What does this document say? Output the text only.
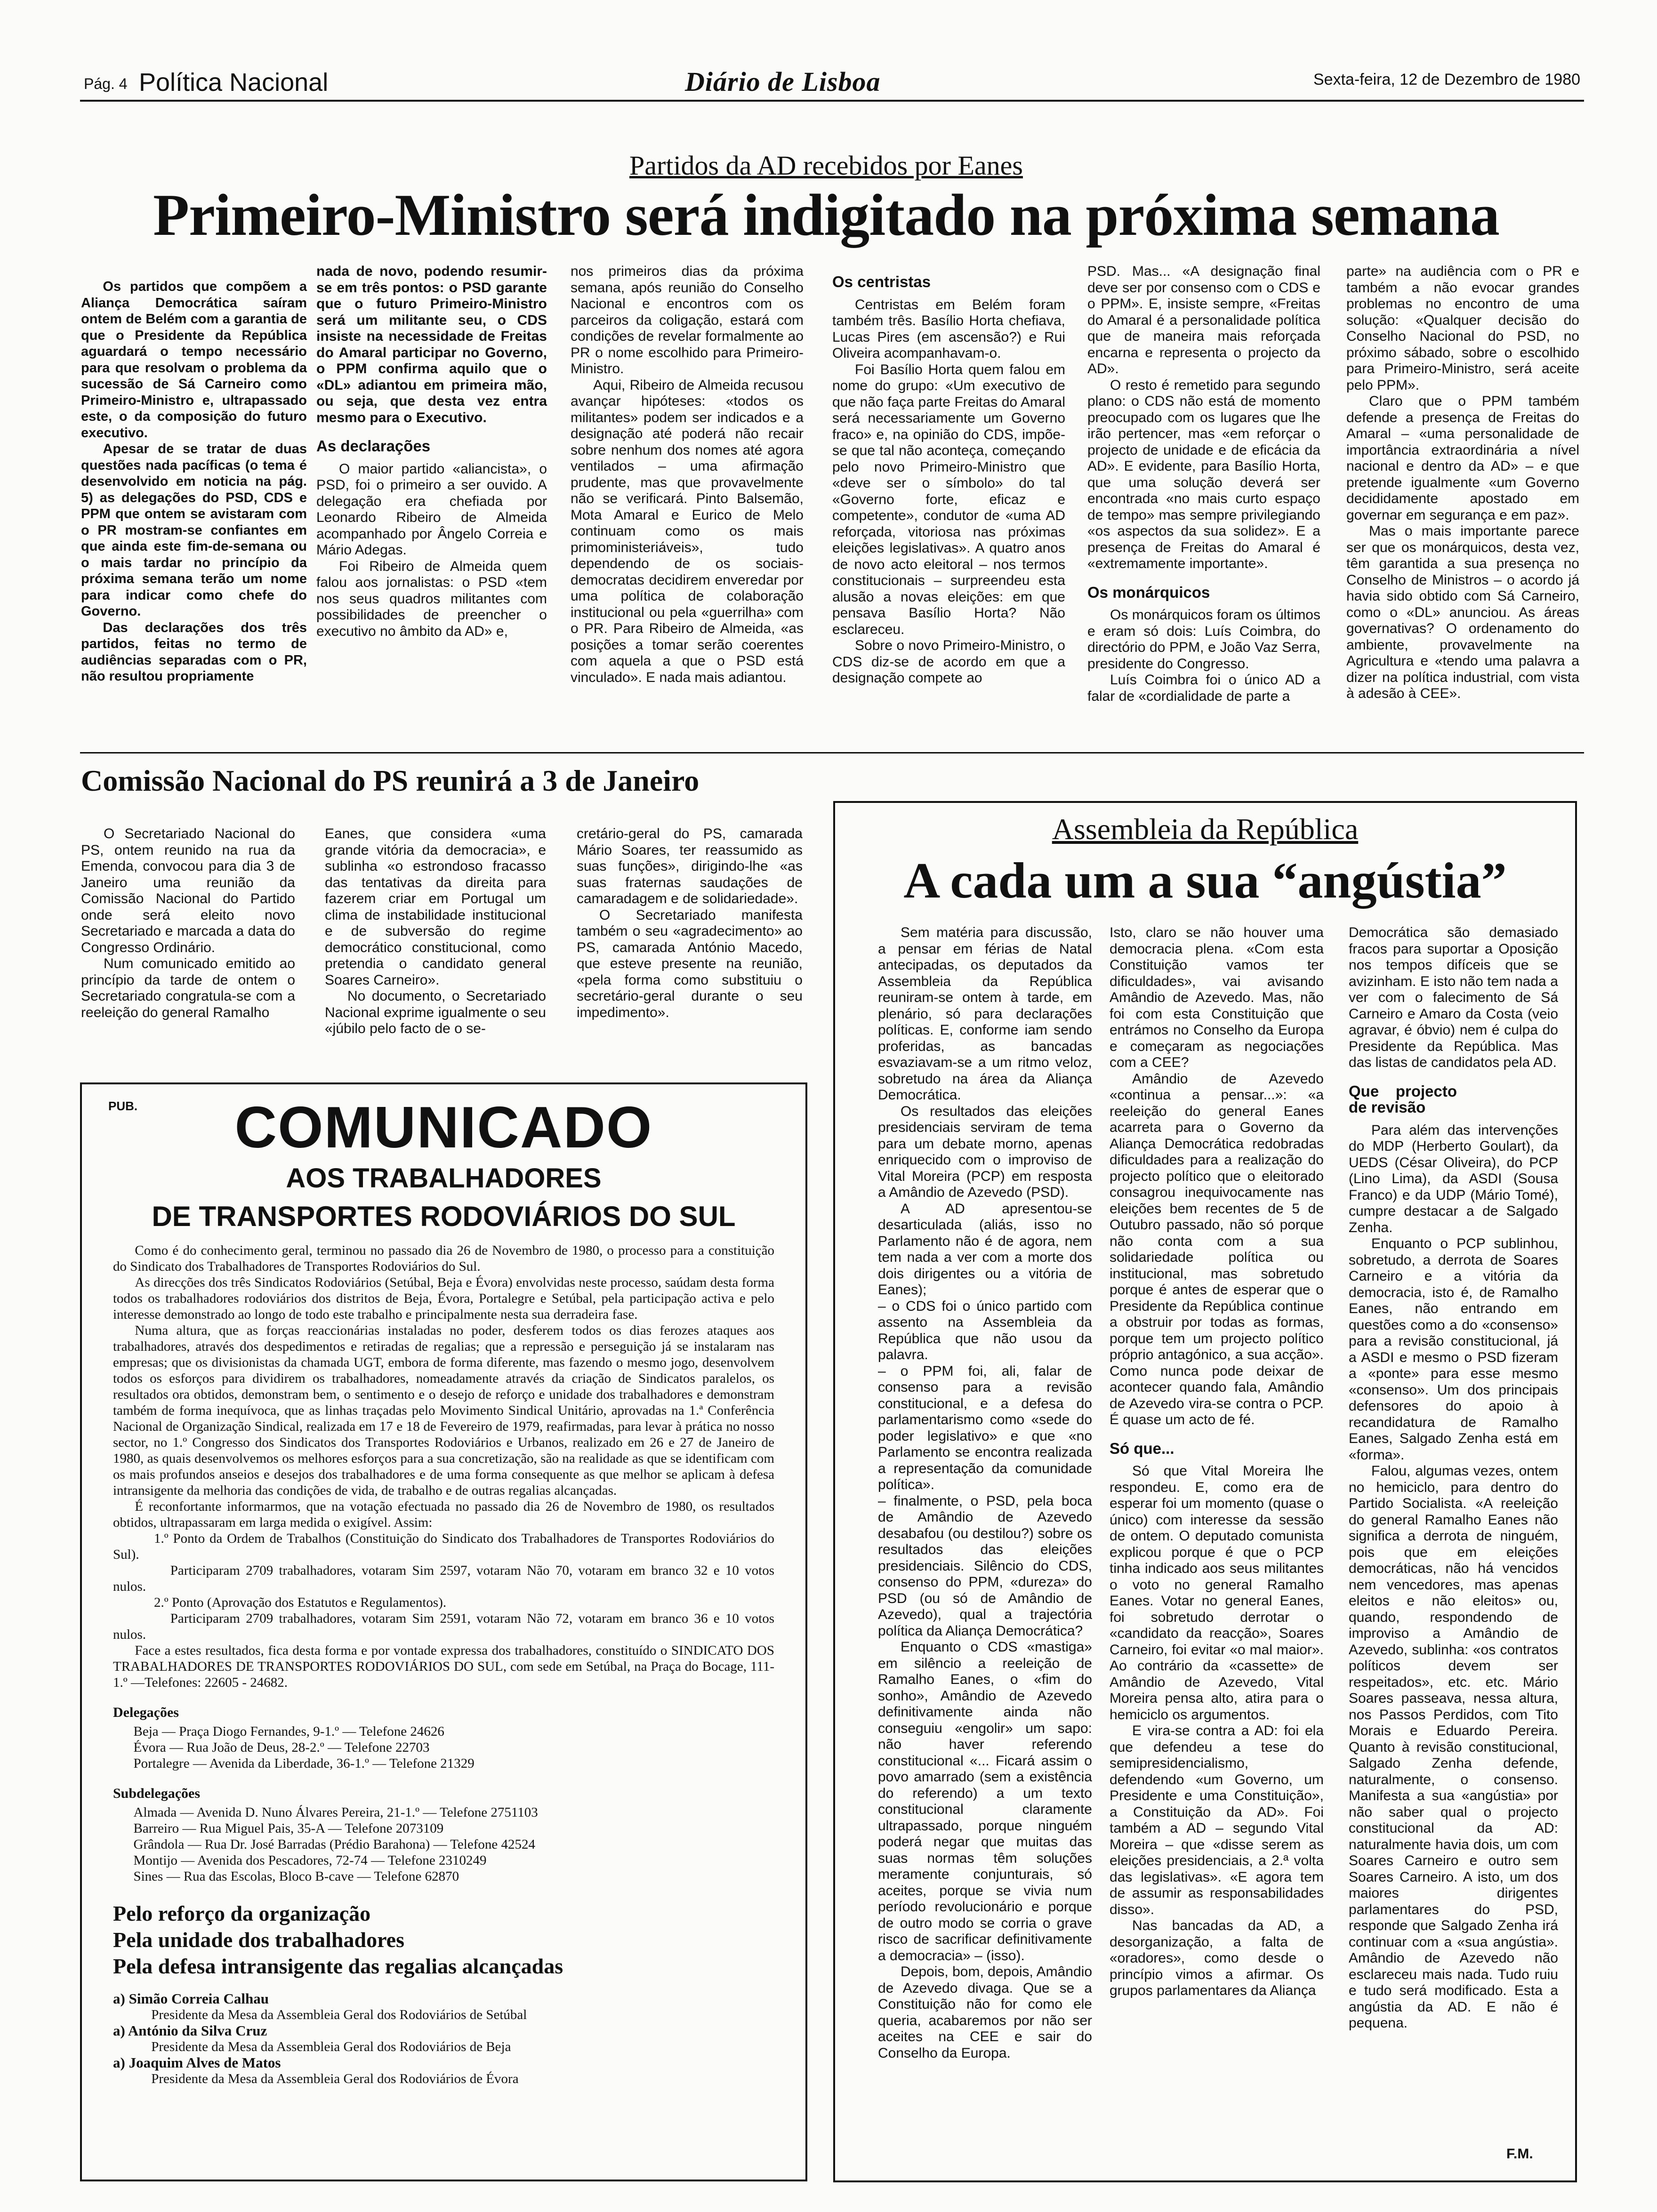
Pág. 4 Política Nacional	Diário de Lisboa	Sexta-feira, 12 de Dezembro de 1980
Partidos da AD recebidos por Eanes
Primeiro-Ministro será indigitado na próxima semana

Os partidos que compõem a Aliança Democrática saíram ontem de Belém com a garantia de que o Presidente da República aguardará o tempo necessário para que resolvam o problema da sucessão de Sá Carneiro como Primeiro-Ministro e, ultrapassado este, o da composição do futuro executivo.

Apesar de se tratar de duas questões nada pacíficas (o tema é desenvolvido em noticia na pág. 5) as delegações do PSD, CDS e PPM que ontem se avistaram com o PR mostram-se confiantes em que ainda este fim-de-semana ou o mais tardar no princípio da próxima semana terão um nome para indicar como chefe do Governo.

Das declarações dos três partidos, feitas no termo de audiências separadas com o PR, não resultou propriamente

nada de novo, podendo resumir-se em três pontos: o PSD garante que o futuro Primeiro-Ministro será um militante seu, o CDS insiste na necessidade de Freitas do Amaral participar no Governo, o PPM confirma aquilo que o «DL» adiantou em primeira mão, ou seja, que desta vez entra mesmo para o Executivo.

As declarações

O maior partido «aliancista», o PSD, foi o primeiro a ser ouvido. A delegação era chefiada por Leonardo Ribeiro de Almeida acompanhado por Ângelo Correia e Mário Adegas.

Foi Ribeiro de Almeida quem falou aos jornalistas: o PSD «tem nos seus quadros militantes com possibilidades de preencher o executivo no âmbito da AD» e,

nos primeiros dias da próxima semana, após reunião do Conselho Nacional e encontros com os parceiros da coligação, estará com condições de revelar formalmente ao PR o nome escolhido para Primeiro-Ministro.

Aqui, Ribeiro de Almeida recusou avançar hipóteses: «todos os militantes» podem ser indicados e a designação até poderá não recair sobre nenhum dos nomes até agora ventilados – uma afirmação prudente, mas que provavelmente não se verificará. Pinto Balsemão, Mota Amaral e Eurico de Melo continuam como os mais primoministeriáveis», tudo dependendo de os sociais-democratas decidirem enveredar por uma política de colaboração institucional ou pela «guerrilha» com o PR. Para Ribeiro de Almeida, «as posições a tomar serão coerentes com aquela a que o PSD está vinculado». E nada mais adiantou.

Os centristas

Centristas em Belém foram também três. Basílio Horta chefiava, Lucas Pires (em ascensão?) e Rui Oliveira acompanhavam-o.

Foi Basílio Horta quem falou em nome do grupo: «Um executivo de que não faça parte Freitas do Amaral será necessariamente um Governo fraco» e, na opinião do CDS, impõe-se que tal não aconteça, começando pelo novo Primeiro-Ministro que «deve ser o símbolo» do tal «Governo forte, eficaz e competente», condutor de «uma AD reforçada, vitoriosa nas próximas eleições legislativas». A quatro anos de novo acto eleitoral – nos termos constitucionais – surpreendeu esta alusão a novas eleições: em que pensava Basílio Horta? Não esclareceu.

Sobre o novo Primeiro-Ministro, o CDS diz-se de acordo em que a designação compete ao

PSD. Mas... «A designação final deve ser por consenso com o CDS e o PPM». E, insiste sempre, «Freitas do Amaral é a personalidade política que de maneira mais reforçada encarna e representa o projecto da AD».

O resto é remetido para segundo plano: o CDS não está de momento preocupado com os lugares que lhe irão pertencer, mas «em reforçar o projecto de unidade e de eficácia da AD». E evidente, para Basílio Horta, que uma solução deverá ser encontrada «no mais curto espaço de tempo» mas sempre privilegiando «os aspectos da sua solidez». E a presença de Freitas do Amaral é «extremamente importante».

Os monárquicos

Os monárquicos foram os últimos e eram só dois: Luís Coimbra, do directório do PPM, e João Vaz Serra, presidente do Congresso.

Luís Coimbra foi o único AD a falar de «cordialidade de parte a

parte» na audiência com o PR e também a não evocar grandes problemas no encontro de uma solução: «Qualquer decisão do Conselho Nacional do PSD, no próximo sábado, sobre o escolhido para Primeiro-Ministro, será aceite pelo PPM».

Claro que o PPM também defende a presença de Freitas do Amaral – «uma personalidade de importância extraordinária a nível nacional e dentro da AD» – e que pretende igualmente «um Governo decididamente apostado em governar em segurança e em paz».

Mas o mais importante parece ser que os monárquicos, desta vez, têm garantida a sua presença no Conselho de Ministros – o acordo já havia sido obtido com Sá Carneiro, como o «DL» anunciou. As áreas governativas? O ordenamento do ambiente, provavelmente na Agricultura e «tendo uma palavra a dizer na política industrial, com vista à adesão à CEE».

Comissão Nacional do PS reunirá a 3 de Janeiro

O Secretariado Nacional do PS, ontem reunido na rua da Emenda, convocou para dia 3 de Janeiro uma reunião da Comissão Nacional do Partido onde será eleito novo Secretariado e marcada a data do Congresso Ordinário.

Num comunicado emitido ao princípio da tarde de ontem o Secretariado congratula-se com a reeleição do general Ramalho

Eanes, que considera «uma grande vitória da democracia», e sublinha «o estrondoso fracasso das tentativas da direita para fazerem criar em Portugal um clima de instabilidade institucional e de subversão do regime democrático constitucional, como pretendia o candidato general Soares Carneiro».

No documento, o Secretariado Nacional exprime igualmente o seu «júbilo pelo facto de o se-

cretário-geral do PS, camarada Mário Soares, ter reassumido as suas funções», dirigindo-lhe «as suas fraternas saudações de camaradagem e de solidariedade».

O Secretariado manifesta também o seu «agradecimento» ao PS, camarada António Macedo, que esteve presente na reunião, «pela forma como substituiu o secretário-geral durante o seu impedimento».

Assembleia da República
A cada um a sua “angústia”

Sem matéria para discussão, a pensar em férias de Natal antecipadas, os deputados da Assembleia da República reuniram-se ontem à tarde, em plenário, só para declarações políticas. E, conforme iam sendo proferidas, as bancadas esvaziavam-se a um ritmo veloz, sobretudo na área da Aliança Democrática.

Os resultados das eleições presidenciais serviram de tema para um debate morno, apenas enriquecido com o improviso de Vital Moreira (PCP) em resposta a Amândio de Azevedo (PSD).

A AD apresentou-se desarticulada (aliás, isso no Parlamento não é de agora, nem tem nada a ver com a morte dos dois dirigentes ou a vitória de Eanes);

– o CDS foi o único partido com assento na Assembleia da República que não usou da palavra.

– o PPM foi, ali, falar de consenso para a revisão constitucional, e a defesa do parlamentarismo como «sede do poder legislativo» e que «no Parlamento se encontra realizada a representação da comunidade política».

– finalmente, o PSD, pela boca de Amândio de Azevedo desabafou (ou destilou?) sobre os resultados das eleições presidenciais. Silêncio do CDS, consenso do PPM, «dureza» do PSD (ou só de Amândio de Azevedo), qual a trajectória política da Aliança Democrática?

Enquanto o CDS «mastiga» em silêncio a reeleição de Ramalho Eanes, o «fim do sonho», Amândio de Azevedo definitivamente ainda não conseguiu «engolir» um sapo: não haver referendo constitucional «... Ficará assim o povo amarrado (sem a existência do referendo) a um texto constitucional claramente ultrapassado, porque ninguém poderá negar que muitas das suas normas têm soluções meramente conjunturais, só aceites, porque se vivia num período revolucionário e porque de outro modo se corria o grave risco de sacrificar definitivamente a democracia» – (isso).

Depois, bom, depois, Amândio de Azevedo divaga. Que se a Constituição não for como ele queria, acabaremos por não ser aceites na CEE e sair do Conselho da Europa.

Isto, claro se não houver uma democracia plena. «Com esta Constituição vamos ter dificuldades», vai avisando Amândio de Azevedo. Mas, não foi com esta Constituição que entrámos no Conselho da Europa e começaram as negociações com a CEE?

Amândio de Azevedo «continua a pensar...»: «a reeleição do general Eanes acarreta para o Governo da Aliança Democrática redobradas dificuldades para a realização do projecto político que o eleitorado consagrou inequivocamente nas eleições bem recentes de 5 de Outubro passado, não só porque não conta com a sua solidariedade política ou institucional, mas sobretudo porque é antes de esperar que o Presidente da República continue a obstruir por todas as formas, porque tem um projecto político próprio antagónico, a sua acção». Como nunca pode deixar de acontecer quando fala, Amândio de Azevedo vira-se contra o PCP. É quase um acto de fé.

Só que...

Só que Vital Moreira lhe respondeu. E, como era de esperar foi um momento (quase o único) com interesse da sessão de ontem. O deputado comunista explicou porque é que o PCP tinha indicado aos seus militantes o voto no general Ramalho Eanes. Votar no general Eanes, foi sobretudo derrotar o «candidato da reacção», Soares Carneiro, foi evitar «o mal maior». Ao contrário da «cassette» de Amândio de Azevedo, Vital Moreira pensa alto, atira para o hemiciclo os argumentos.

E vira-se contra a AD: foi ela que defendeu a tese do semipresidencialismo, defendendo «um Governo, um Presidente e uma Constituição», a Constituição da AD». Foi também a AD – segundo Vital Moreira – que «disse serem as eleições presidenciais, a 2.ª volta das legislativas». «E agora tem de assumir as responsabilidades disso».

Nas bancadas da AD, a desorganização, a falta de «oradores», como desde o princípio vimos a afirmar. Os grupos parlamentares da Aliança

Democrática são demasiado fracos para suportar a Oposição nos tempos difíceis que se avizinham. E isto não tem nada a ver com o falecimento de Sá Carneiro e Amaro da Costa (veio agravar, é óbvio) nem é culpa do Presidente da República. Mas das listas de candidatos pela AD.

Que projecto de revisão

Para além das intervenções do MDP (Herberto Goulart), da UEDS (César Oliveira), do PCP (Lino Lima), da ASDI (Sousa Franco) e da UDP (Mário Tomé), cumpre destacar a de Salgado Zenha.

Enquanto o PCP sublinhou, sobretudo, a derrota de Soares Carneiro e a vitória da democracia, isto é, de Ramalho Eanes, não entrando em questões como a do «consenso» para a revisão constitucional, já a ASDI e mesmo o PSD fizeram a «ponte» para esse mesmo «consenso». Um dos principais defensores do apoio à recandidatura de Ramalho Eanes, Salgado Zenha está em «forma».

Falou, algumas vezes, ontem no hemiciclo, para dentro do Partido Socialista. «A reeleição do general Ramalho Eanes não significa a derrota de ninguém, pois que em eleições democráticas, não há vencidos nem vencedores, mas apenas eleitos e não eleitos» ou, quando, respondendo de improviso a Amândio de Azevedo, sublinha: «os contratos políticos devem ser respeitados», etc. etc. Mário Soares passeava, nessa altura, nos Passos Perdidos, com Tito Morais e Eduardo Pereira. Quanto à revisão constitucional, Salgado Zenha defende, naturalmente, o consenso. Manifesta a sua «angústia» por não saber qual o projecto constitucional da AD: naturalmente havia dois, um com Soares Carneiro e outro sem Soares Carneiro. A isto, um dos maiores dirigentes parlamentares do PSD, responde que Salgado Zenha irá continuar com a «sua angústia». Amândio de Azevedo não esclareceu mais nada. Tudo ruiu e tudo será modificado. Esta a angústia da AD. E não é pequena.

F.M.
PUB.	COMUNICADO
AOS TRABALHADORES
DE TRANSPORTES RODOVIÁRIOS DO SUL

Como é do conhecimento geral, terminou no passado dia 26 de Novembro de 1980, o processo para a constituição do Sindicato dos Trabalhadores de Transportes Rodoviários do Sul.

As direcções dos três Sindicatos Rodoviários (Setúbal, Beja e Évora) envolvidas neste processo, saúdam desta forma todos os trabalhadores rodoviários dos distritos de Beja, Évora, Portalegre e Setúbal, pela participação activa e pelo interesse demonstrado ao longo de todo este trabalho e principalmente nesta sua derradeira fase.

Numa altura, que as forças reaccionárias instaladas no poder, desferem todos os dias ferozes ataques aos trabalhadores, através dos despedimentos e retiradas de regalias; que a repressão e perseguição já se instalaram nas empresas; que os divisionistas da chamada UGT, embora de forma diferente, mas fazendo o mesmo jogo, desenvolvem todos os esforços para dividirem os trabalhadores, nomeadamente através da criação de Sindicatos paralelos, os resultados ora obtidos, demonstram bem, o sentimento e o desejo de reforço e unidade dos trabalhadores e demonstram também de forma inequívoca, que as linhas traçadas pelo Movimento Sindical Unitário, aprovadas na 1.ª Conferência Nacional de Organização Sindical, realizada em 17 e 18 de Fevereiro de 1979, reafirmadas, para levar à prática no nosso sector, no 1.º Congresso dos Sindicatos dos Transportes Rodoviários e Urbanos, realizado em 26 e 27 de Janeiro de 1980, as quais desenvolvemos os melhores esforços para a sua concretização, são na realidade as que se identificam com os mais profundos anseios e desejos dos trabalhadores e de uma forma consequente as que melhor se aplicam à defesa intransigente da melhoria das condições de vida, de trabalho e de outras regalias alcançadas.

É reconfortante informarmos, que na votação efectuada no passado dia 26 de Novembro de 1980, os resultados obtidos, ultrapassaram em larga medida o exigível. Assim:

1.º Ponto da Ordem de Trabalhos (Constituição do Sindicato dos Trabalhadores de Transportes Rodoviários do Sul).

Participaram 2709 trabalhadores, votaram Sim 2597, votaram Não 70, votaram em branco 32 e 10 votos nulos.

2.º Ponto (Aprovação dos Estatutos e Regulamentos).

Participaram 2709 trabalhadores, votaram Sim 2591, votaram Não 72, votaram em branco 36 e 10 votos nulos.

Face a estes resultados, fica desta forma e por vontade expressa dos trabalhadores, constituído o SINDICATO DOS TRABALHADORES DE TRANSPORTES RODOVIÁRIOS DO SUL, com sede em Setúbal, na Praça do Bocage, 111-1.º —Telefones: 22605 - 24682.

Delegações
Beja — Praça Diogo Fernandes, 9-1.º — Telefone 24626
Évora — Rua João de Deus, 28-2.º — Telefone 22703
Portalegre — Avenida da Liberdade, 36-1.º — Telefone 21329
Subdelegações
Almada — Avenida D. Nuno Álvares Pereira, 21-1.º — Telefone 2751103
Barreiro — Rua Miguel Pais, 35-A — Telefone 2073109
Grândola — Rua Dr. José Barradas (Prédio Barahona) — Telefone 42524
Montijo — Avenida dos Pescadores, 72-74 — Telefone 2310249
Sines — Rua das Escolas, Bloco B-cave — Telefone 62870
Pelo reforço da organização
Pela unidade dos trabalhadores
Pela defesa intransigente das regalias alcançadas
a) Simão Correia Calhau
Presidente da Mesa da Assembleia Geral dos Rodoviários de Setúbal
a) António da Silva Cruz
Presidente da Mesa da Assembleia Geral dos Rodoviários de Beja
a) Joaquim Alves de Matos
Presidente da Mesa da Assembleia Geral dos Rodoviários de Évora
